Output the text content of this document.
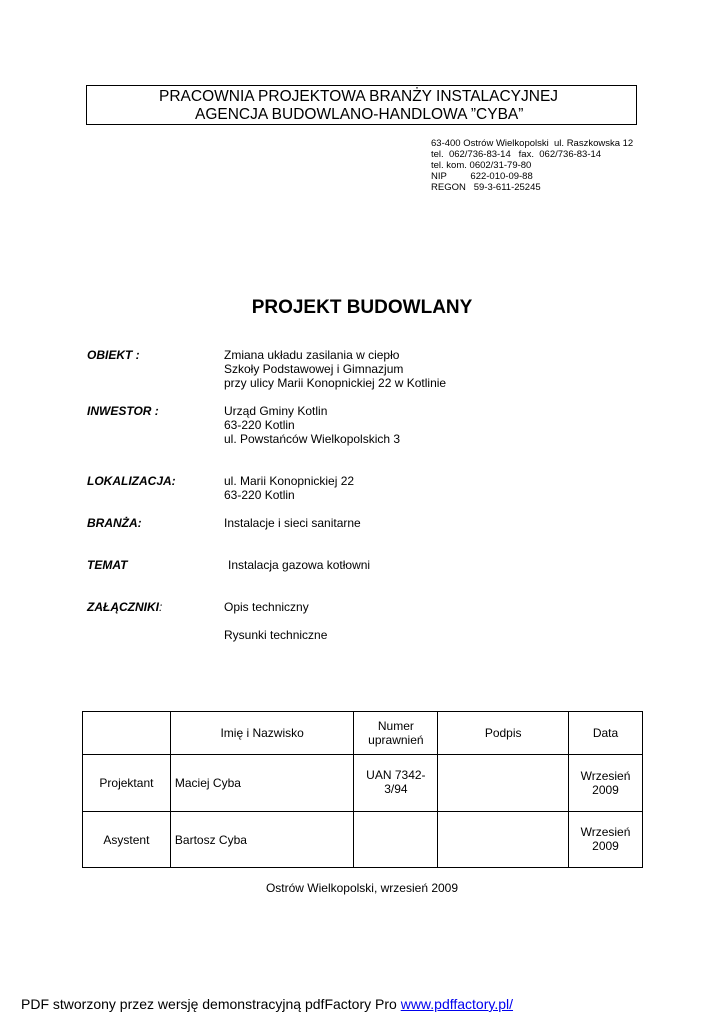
PRACOWNIA PROJEKTOWA BRANŻY INSTALACYJNEJ
AGENCJA BUDOWLANO-HANDLOWA ”CYBA”
63-400 Ostrów Wielkopolski  ul. Raszkowska 12
tel.  062/736-83-14   fax.  062/736-83-14
tel. kom. 0602/31-79-80
NIP         622-010-09-88
REGON   59-3-611-25245
PROJEKT BUDOWLANY
OBIEKT :	Zmiana układu zasilania w ciepło
Szkoły Podstawowej i Gimnazjum
przy ulicy Marii Konopnickiej 22 w Kotlinie
INWESTOR :	Urząd Gminy Kotlin
63-220 Kotlin
ul. Powstańców Wielkopolskich 3
LOKALIZACJA:	ul. Marii Konopnickiej 22
63-220 Kotlin
BRANŻA:	Instalacje i sieci sanitarne
TEMAT	Instalacja gazowa kotłowni
ZAŁĄCZNIKI:	Opis techniczny
Rysunki techniczne
	Imię i Nazwisko	Numer uprawnień	Podpis	Data
Projektant	Maciej Cyba	UAN 7342-3/94		Wrzesień 2009
Asystent	Bartosz Cyba			Wrzesień 2009
Ostrów Wielkopolski, wrzesień 2009
PDF stworzony przez wersję demonstracyjną pdfFactory Pro www.pdffactory.pl/
